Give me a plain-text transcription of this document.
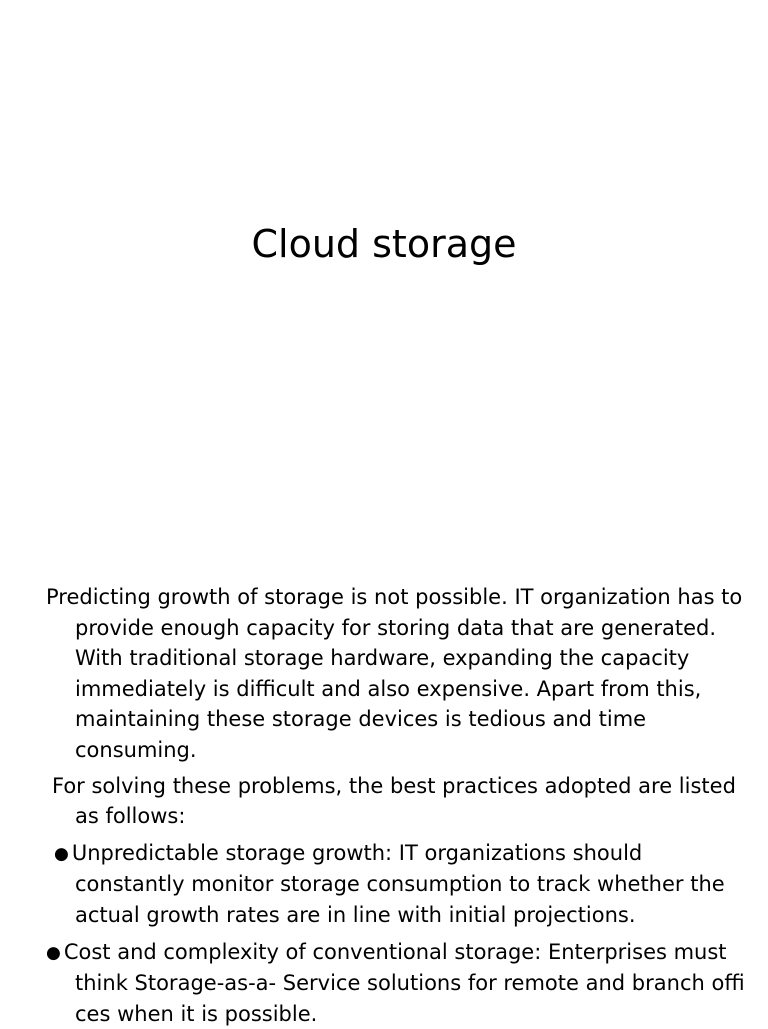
Cloud storage

Predicting growth of storage is not possible. IT organization has to provide enough capacity for storing data that are generated. With traditional storage hardware, expanding the capacity immediately is difficult and also expensive. Apart from this, maintaining these storage devices is tedious and time consuming.

For solving these problems, the best practices adopted are listed as follows:

● Unpredictable storage growth: IT organizations should constantly monitor storage consumption to track whether the actual growth rates are in line with initial projections.

● Cost and complexity of conventional storage: Enterprises must think Storage-as-a- Service solutions for remote and branch offi ces when it is possible.
